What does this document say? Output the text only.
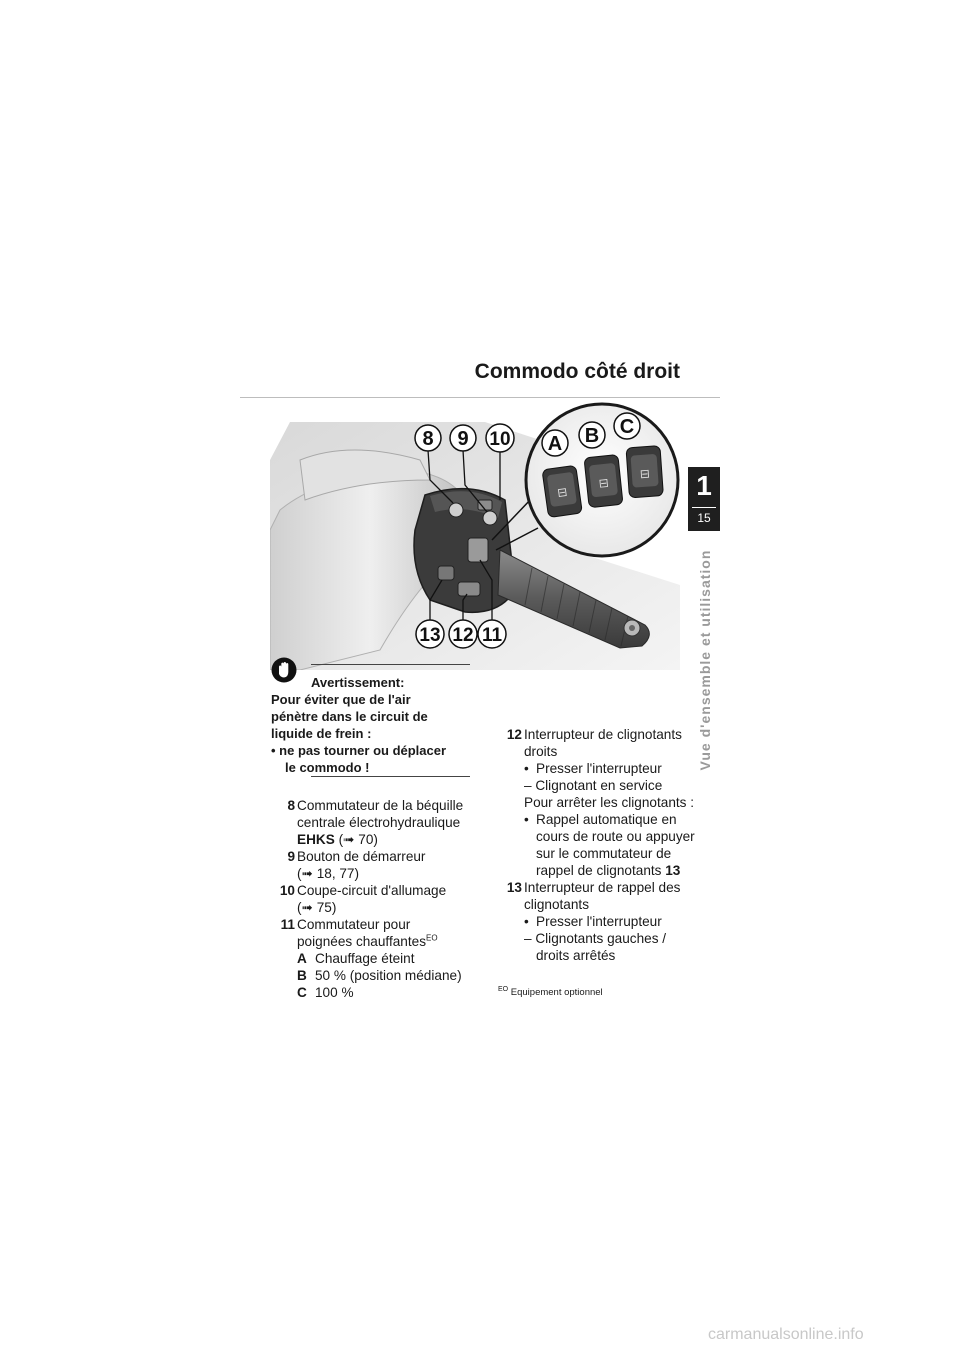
Commodo côté droit
⊟
⊟
⊟
8 9 10
13 12 11
A B C
1
15
Vue d'ensemble et utilisation
Avertissement:

Pour éviter que de l'air

pénètre dans le circuit de

liquide de frein :

• ne pas tourner ou déplacer

le commodo !

8 Commutateur de la béquille

centrale électrohydraulique

EHKS (➟ 70)

9 Bouton de démarreur

(➟ 18, 77)

10 Coupe-circuit d'allumage

(➟ 75)

11 Commutateur pour

poignées chauffantes$^{EO}$

A Chauffage éteint
B 50 % (position médiane)
C 100 %
12 Interrupteur de clignotants

droits

• Presser l'interrupteur

– Clignotant en service

Pour arrêter les clignotants :

• Rappel automatique en

cours de route ou appuyer

sur le commutateur de

rappel de clignotants 13

13 Interrupteur de rappel des

clignotants

• Presser l'interrupteur

– Clignotants gauches /

droits arrêtés

$^{EO}$ Equipement optionnel
carmanualsonline.info
